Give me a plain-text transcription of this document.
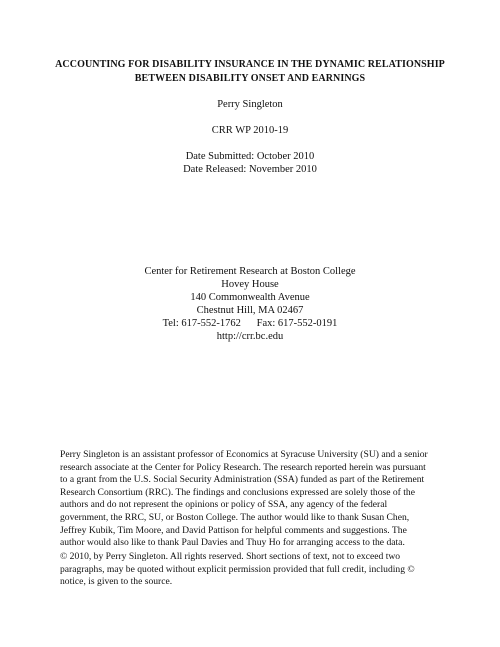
ACCOUNTING FOR DISABILITY INSURANCE IN THE DYNAMIC RELATIONSHIP
BETWEEN DISABILITY ONSET AND EARNINGS
Perry Singleton
CRR WP 2010-19
Date Submitted: October 2010
Date Released: November 2010
Center for Retirement Research at Boston College
Hovey House
140 Commonwealth Avenue
Chestnut Hill, MA 02467
Tel: 617-552-1762      Fax: 617-552-0191
http://crr.bc.edu
Perry Singleton is an assistant professor of Economics at Syracuse University (SU) and a senior
research associate at the Center for Policy Research. The research reported herein was pursuant
to a grant from the U.S. Social Security Administration (SSA) funded as part of the Retirement
Research Consortium (RRC). The findings and conclusions expressed are solely those of the
authors and do not represent the opinions or policy of SSA, any agency of the federal
government, the RRC, SU, or Boston College. The author would like to thank Susan Chen,
Jeffrey Kubik, Tim Moore, and David Pattison for helpful comments and suggestions. The
author would also like to thank Paul Davies and Thuy Ho for arranging access to the data.
© 2010, by Perry Singleton. All rights reserved. Short sections of text, not to exceed two
paragraphs, may be quoted without explicit permission provided that full credit, including ©
notice, is given to the source.
